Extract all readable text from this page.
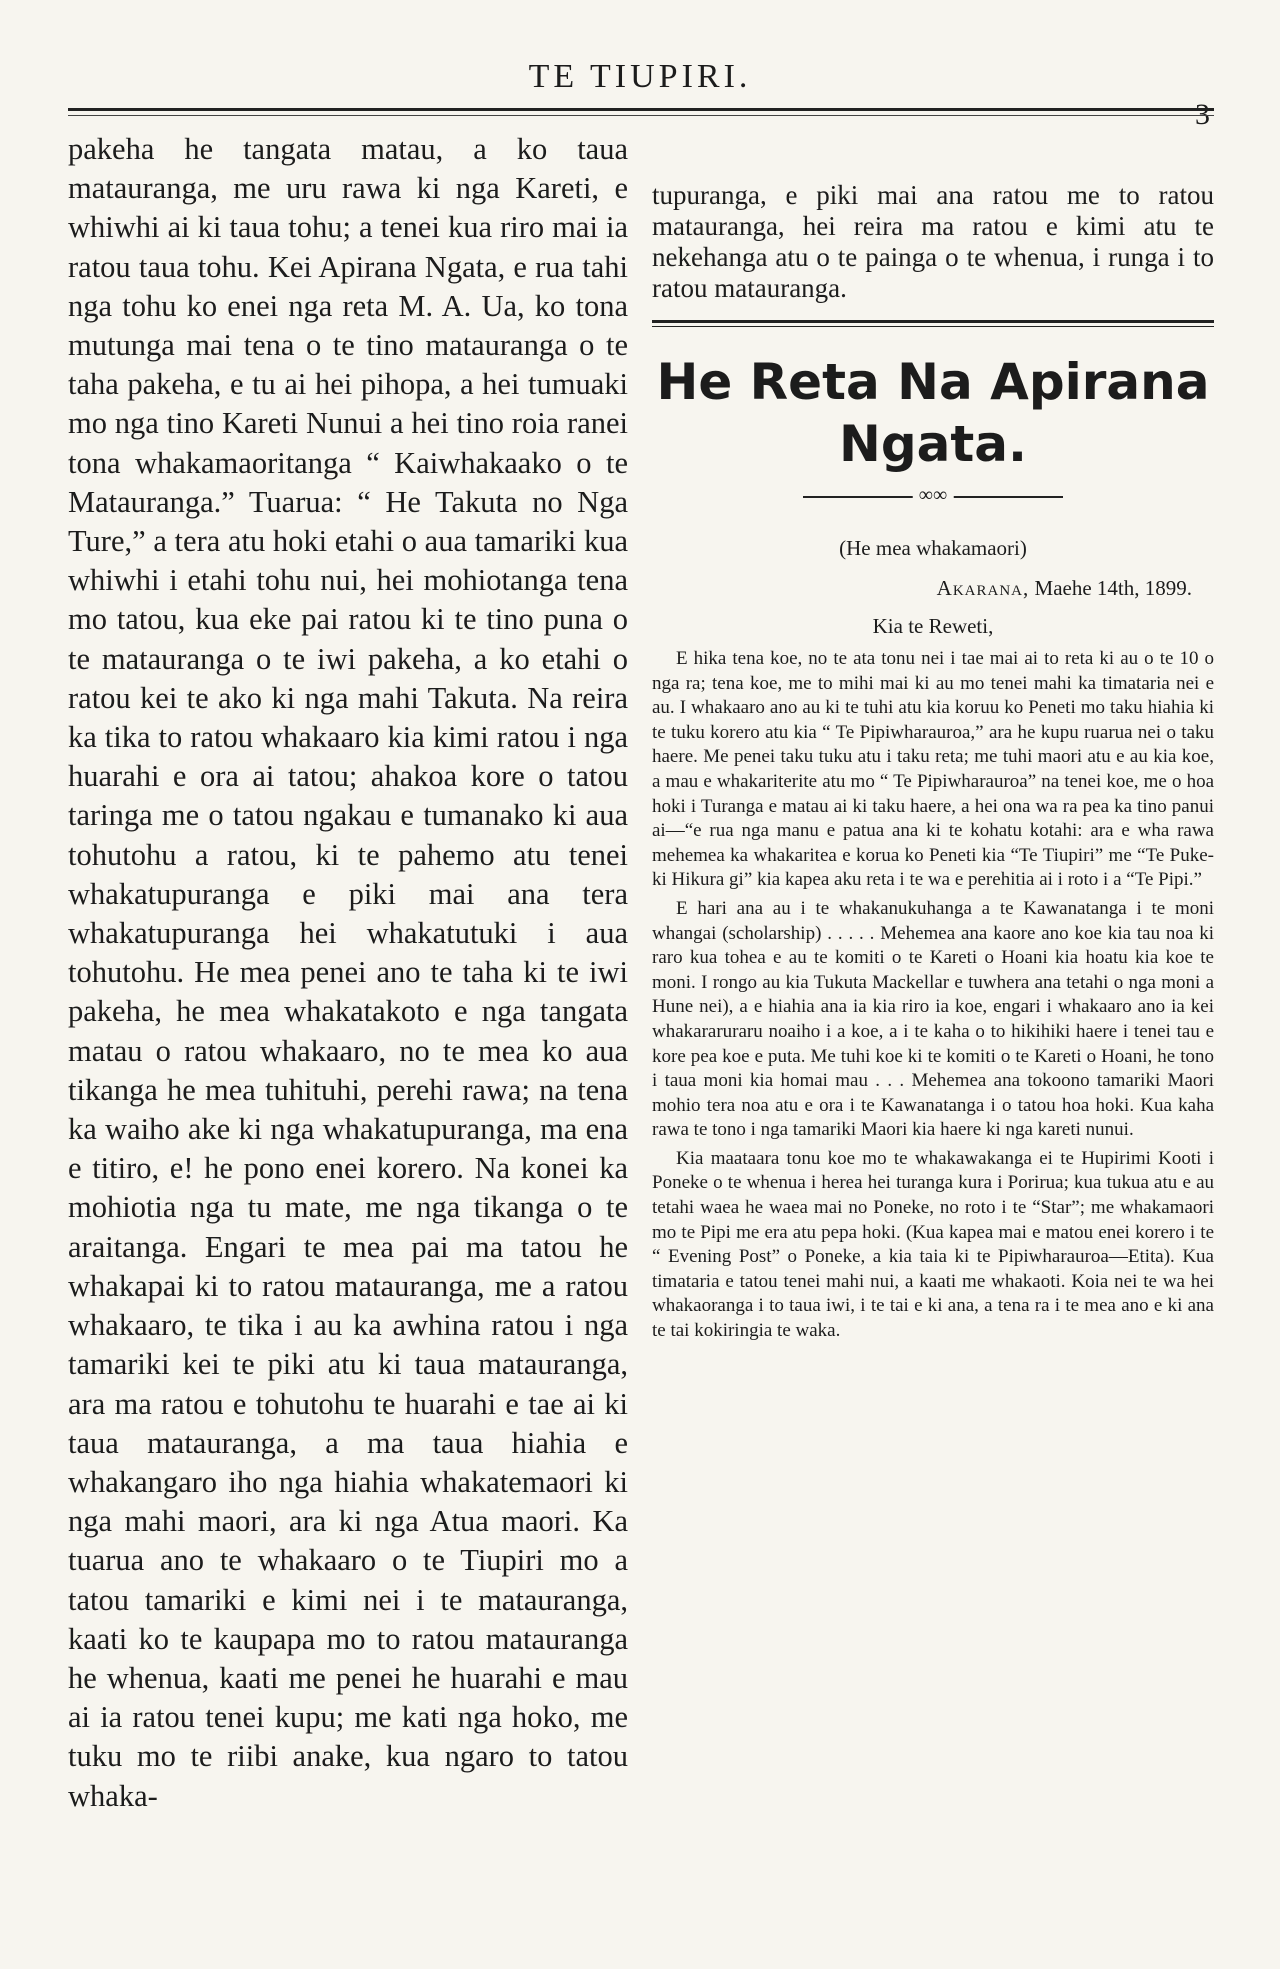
TE TIUPIRI.
3

pakeha he tangata matau, a ko taua matauranga, me uru rawa ki nga Kareti, e whiwhi ai ki taua tohu; a tenei kua riro mai ia ratou taua tohu. Kei Apirana Ngata, e rua tahi nga tohu ko enei nga reta M. A. Ua, ko tona mutunga mai tena o te tino matauranga o te taha pakeha, e tu ai hei pihopa, a hei tumuaki mo nga tino Kareti Nunui a hei tino roia ranei tona whakamaoritanga “ Kaiwhakaako o te Matauranga.” Tuarua: “ He Takuta no Nga Ture,” a tera atu hoki etahi o aua tamariki kua whiwhi i etahi tohu nui, hei mohiotanga tena mo tatou, kua eke pai ratou ki te tino puna o te matauranga o te iwi pakeha, a ko etahi o ratou kei te ako ki nga mahi Takuta. Na reira ka tika to ratou whakaaro kia kimi ratou i nga huarahi e ora ai tatou; ahakoa kore o tatou taringa me o tatou ngakau e tumanako ki aua tohutohu a ratou, ki te pahemo atu tenei whakatupuranga e piki mai ana tera whakatupuranga hei whakatutuki i aua tohutohu. He mea penei ano te taha ki te iwi pakeha, he mea whakatakoto e nga tangata matau o ratou whakaaro, no te mea ko aua tikanga he mea tuhituhi, perehi rawa; na tena ka waiho ake ki nga whakatupuranga, ma ena e titiro, e! he pono enei korero. Na konei ka mohiotia nga tu mate, me nga tikanga o te araitanga. Engari te mea pai ma tatou he whakapai ki to ratou matauranga, me a ratou whakaaro, te tika i au ka awhina ratou i nga tamariki kei te piki atu ki taua matauranga, ara ma ratou e tohutohu te huarahi e tae ai ki taua matauranga, a ma taua hiahia e whakangaro iho nga hiahia whakatemaori ki nga mahi maori, ara ki nga Atua maori. Ka tuarua ano te whakaaro o te Tiupiri mo a tatou tamariki e kimi nei i te matauranga, kaati ko te kaupapa mo to ratou matauranga he whenua, kaati me penei he huarahi e mau ai ia ratou tenei kupu; me kati nga hoko, me tuku mo te riibi anake, kua ngaro to tatou whaka-

tupuranga, e piki mai ana ratou me to ratou matauranga, hei reira ma ratou e kimi atu te nekehanga atu o te painga o te whenua, i runga i to ratou matauranga.

He Reta Na Apirana
Ngata.
∞∞
(He mea whakamaori)
Akarana, Maehe 14th, 1899.
Kia te Reweti,

E hika tena koe, no te ata tonu nei i tae mai ai to reta ki au o te 10 o nga ra; tena koe, me to mihi mai ki au mo tenei mahi ka timataria nei e au. I whakaaro ano au ki te tuhi atu kia koruu ko Peneti mo taku hiahia ki te tuku korero atu kia “ Te Pipiwharauroa,” ara he kupu ruarua nei o taku haere. Me penei taku tuku atu i taku reta; me tuhi maori atu e au kia koe, a mau e whakariterite atu mo “ Te Pipiwharauroa” na tenei koe, me o hoa hoki i Turanga e matau ai ki taku haere, a hei ona wa ra pea ka tino panui ai—“e rua nga manu e patua ana ki te kohatu kotahi: ara e wha rawa mehemea ka whakaritea e korua ko Peneti kia “Te Tiupiri” me “Te Puke-ki Hikura gi” kia kapea aku reta i te wa e perehitia ai i roto i a “Te Pipi.”

E hari ana au i te whakanukuhanga a te Kawanatanga i te moni whangai (scholarship) . . . . . Mehemea ana kaore ano koe kia tau noa ki raro kua tohea e au te komiti o te Kareti o Hoani kia hoatu kia koe te moni. I rongo au kia Tukuta Mackellar e tuwhera ana tetahi o nga moni a Hune nei), a e hiahia ana ia kia riro ia koe, engari i whakaaro ano ia kei whakararuraru noaiho i a koe, a i te kaha o to hikihiki haere i tenei tau e kore pea koe e puta. Me tuhi koe ki te komiti o te Kareti o Hoani, he tono i taua moni kia homai mau . . . Mehemea ana tokoono tamariki Maori mohio tera noa atu e ora i te Kawanatanga i o tatou hoa hoki. Kua kaha rawa te tono i nga tamariki Maori kia haere ki nga kareti nunui.

Kia maataara tonu koe mo te whakawakanga ei te Hupirimi Kooti i Poneke o te whenua i herea hei turanga kura i Porirua; kua tukua atu e au tetahi waea he waea mai no Poneke, no roto i te “Star”; me whakamaori mo te Pipi me era atu pepa hoki. (Kua kapea mai e matou enei korero i te “ Evening Post” o Poneke, a kia taia ki te Pipiwharauroa—Etita). Kua timataria e tatou tenei mahi nui, a kaati me whakaoti. Koia nei te wa hei whakaoranga i to taua iwi, i te tai e ki ana, a tena ra i te mea ano e ki ana te tai kokiringia te waka.
